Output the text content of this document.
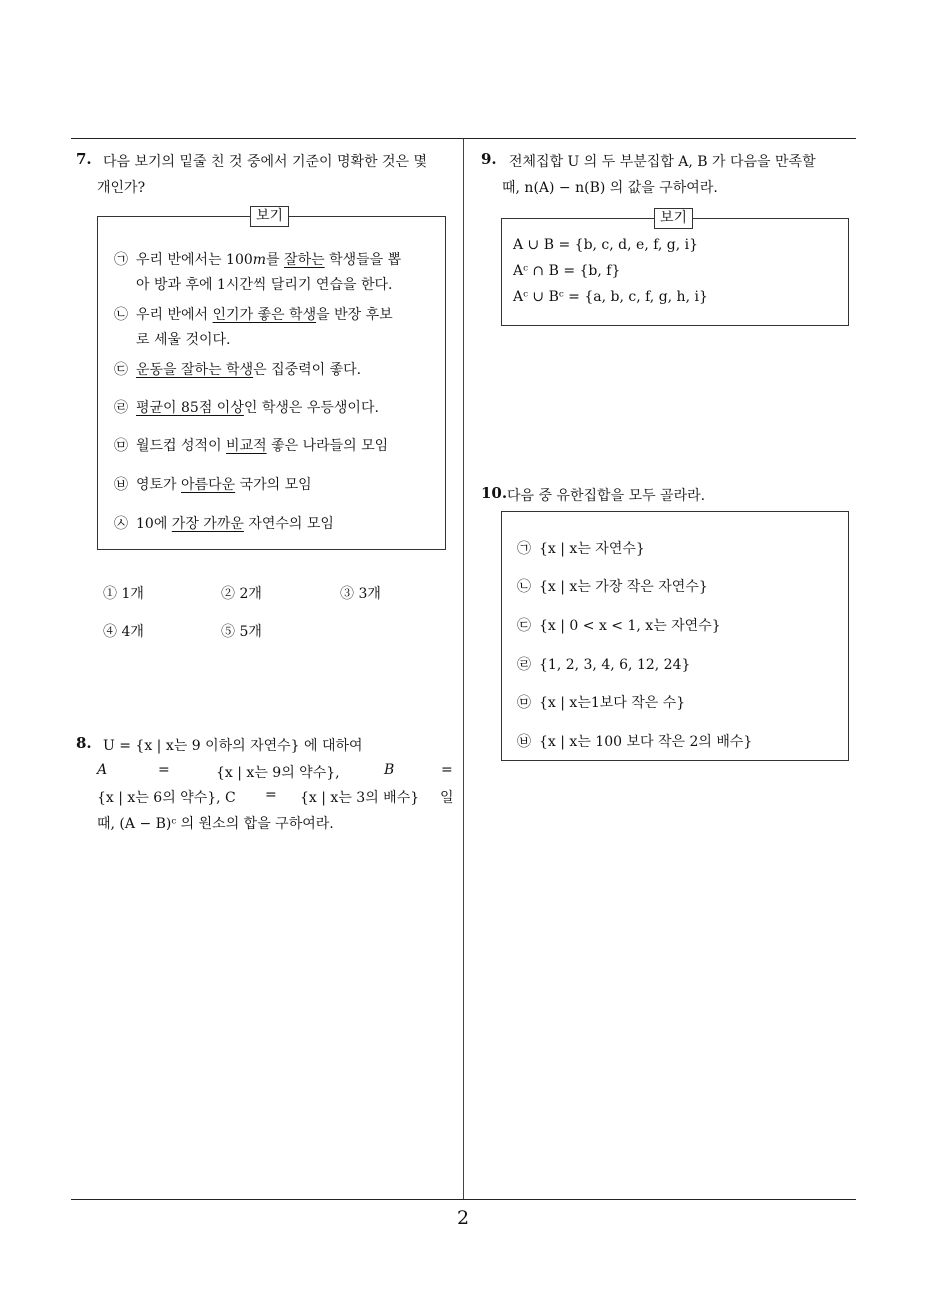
7. 다음 보기의 밑줄 친 것 중에서 기준이 명확한 것은 몇
개인가?
보기
㉠ 우리 반에서는 100m를 잘하는 학생들을 뽑
아 방과 후에 1시간씩 달리기 연습을 한다.
㉡ 우리 반에서 인기가 좋은 학생을 반장 후보
로 세울 것이다.
㉢ 운동을 잘하는 학생은 집중력이 좋다.
㉣ 평균이 85점 이상인 학생은 우등생이다.
㉤ 월드컵 성적이 비교적 좋은 나라들의 모임
㉥ 영토가 아름다운 국가의 모임
㉦ 10에 가장 가까운 자연수의 모임
① 1개	② 2개	③ 3개
④ 4개	⑤ 5개
8. U = {x | x는 9 이하의 자연수} 에 대하여
A	=	{x | x는 9의 약수},	B	=
{x | x는 6의 약수}, C = {x | x는 3의 배수} 일
때, (A − B)ᶜ 의 원소의 합을 구하여라.
9. 전체집합 U 의 두 부분집합 A, B 가 다음을 만족할
때, n(A) − n(B) 의 값을 구하여라.
보기
A ∪ B = {b, c, d, e, f, g, i}
Aᶜ ∩ B = {b, f}
Aᶜ ∪ Bᶜ = {a, b, c, f, g, h, i}
10. 다음 중 유한집합을 모두 골라라.
㉠ {x | x는 자연수}
㉡ {x | x는 가장 작은 자연수}
㉢ {x | 0 < x < 1, x는 자연수}
㉣ {1, 2, 3, 4, 6, 12, 24}
㉤ {x | x는1보다 작은 수}
㉥ {x | x는 100 보다 작은 2의 배수}
2
